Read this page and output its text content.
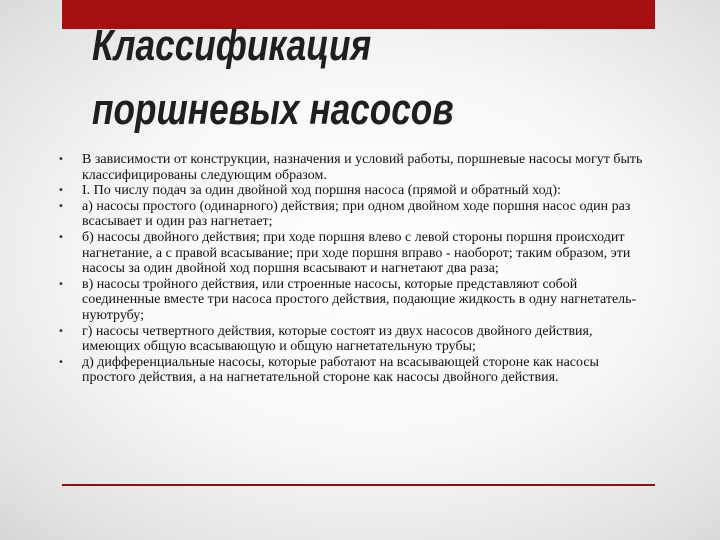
Классификация
поршневых насосов
• В зависимости от конструкции, назначения и условий работы, поршневые насосы могут быть классифицированы следующим образом.
• I. По числу подач за один двойной ход поршня насоса (прямой и обратный ход):
• а) насосы простого (одинарного) действия; при одном двойном ходе поршня насос один раз всасывает и один раз нагнетает;
• б) насосы двойного действия; при ходе поршня влево с левой стороны поршня происходит нагнетание, а с правой всасывание; при ходе поршня вправо - наоборот; таким образом, эти насосы за один двойной ход поршня всасывают и нагнетают два раза;
• в) насосы тройного действия, или строенные насосы, которые представляют собой соединенные вместе три насоса простого действия, подающие жидкость в одну нагнетатель-нуютрубу;
• г) насосы четвертного действия, которые состоят из двух насосов двойного действия, имеющих общую всасывающую и общую нагнетательную трубы;
• д) дифференциальные насосы, которые работают на всасывающей стороне как насосы простого действия, а на нагнетательной стороне как насосы двойного действия.
